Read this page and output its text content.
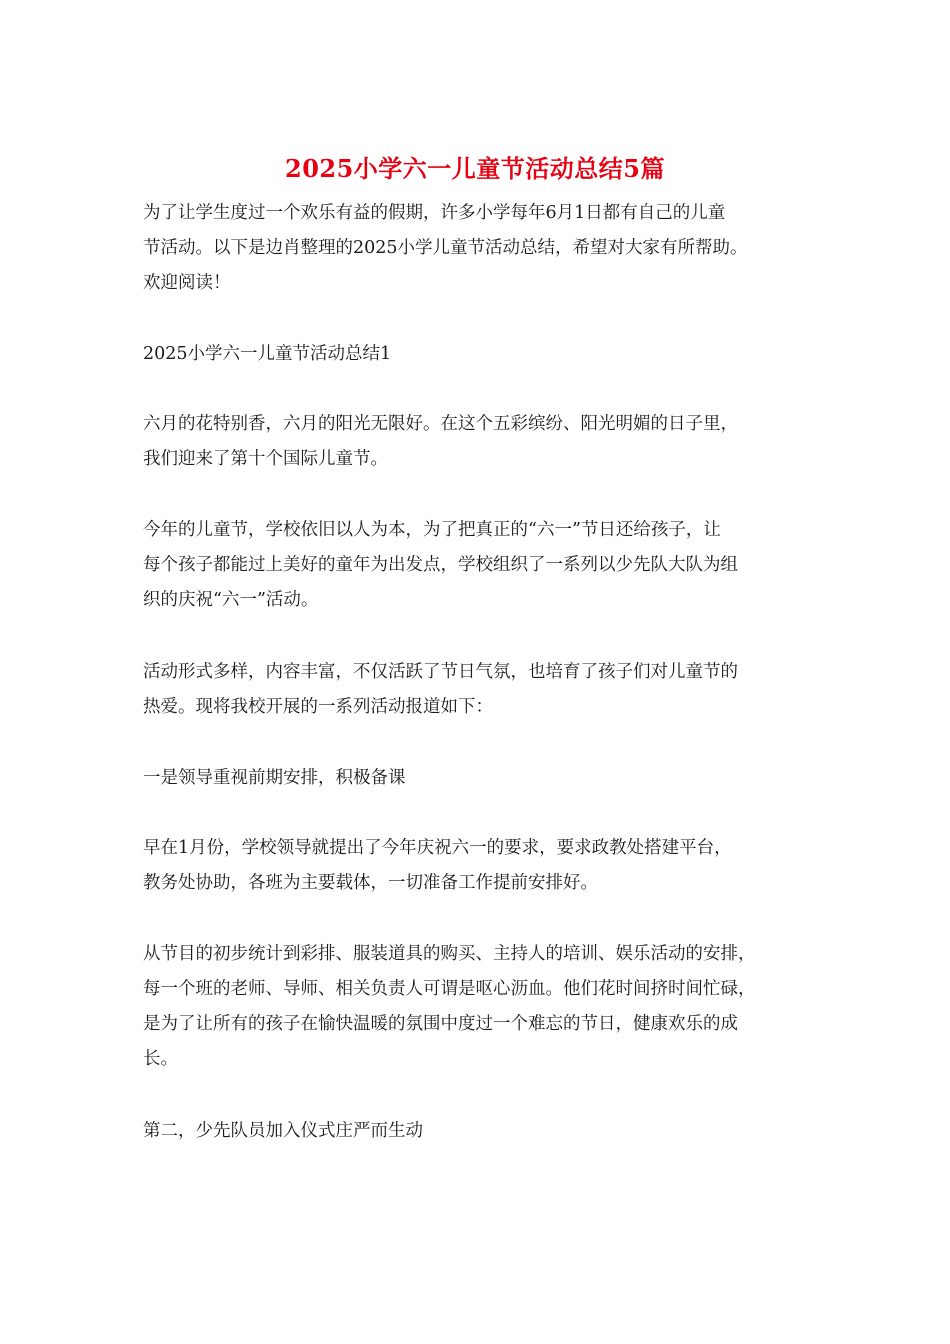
2025小学六一儿童节活动总结5篇
为了让学生度过一个欢乐有益的假期，许多小学每年6月1日都有自己的儿童
节活动。以下是边肖整理的2025小学儿童节活动总结，希望对大家有所帮助。
欢迎阅读！
2025小学六一儿童节活动总结1
六月的花特别香，六月的阳光无限好。在这个五彩缤纷、阳光明媚的日子里，
我们迎来了第十个国际儿童节。
今年的儿童节，学校依旧以人为本，为了把真正的“六一”节日还给孩子，让
每个孩子都能过上美好的童年为出发点，学校组织了一系列以少先队大队为组
织的庆祝“六一”活动。
活动形式多样，内容丰富，不仅活跃了节日气氛，也培育了孩子们对儿童节的
热爱。现将我校开展的一系列活动报道如下：
一是领导重视前期安排，积极备课
早在1月份，学校领导就提出了今年庆祝六一的要求，要求政教处搭建平台，
教务处协助，各班为主要载体，一切准备工作提前安排好。
从节目的初步统计到彩排、服装道具的购买、主持人的培训、娱乐活动的安排，
每一个班的老师、导师、相关负责人可谓是呕心沥血。他们花时间挤时间忙碌，
是为了让所有的孩子在愉快温暖的氛围中度过一个难忘的节日，健康欢乐的成
长。
第二，少先队员加入仪式庄严而生动
